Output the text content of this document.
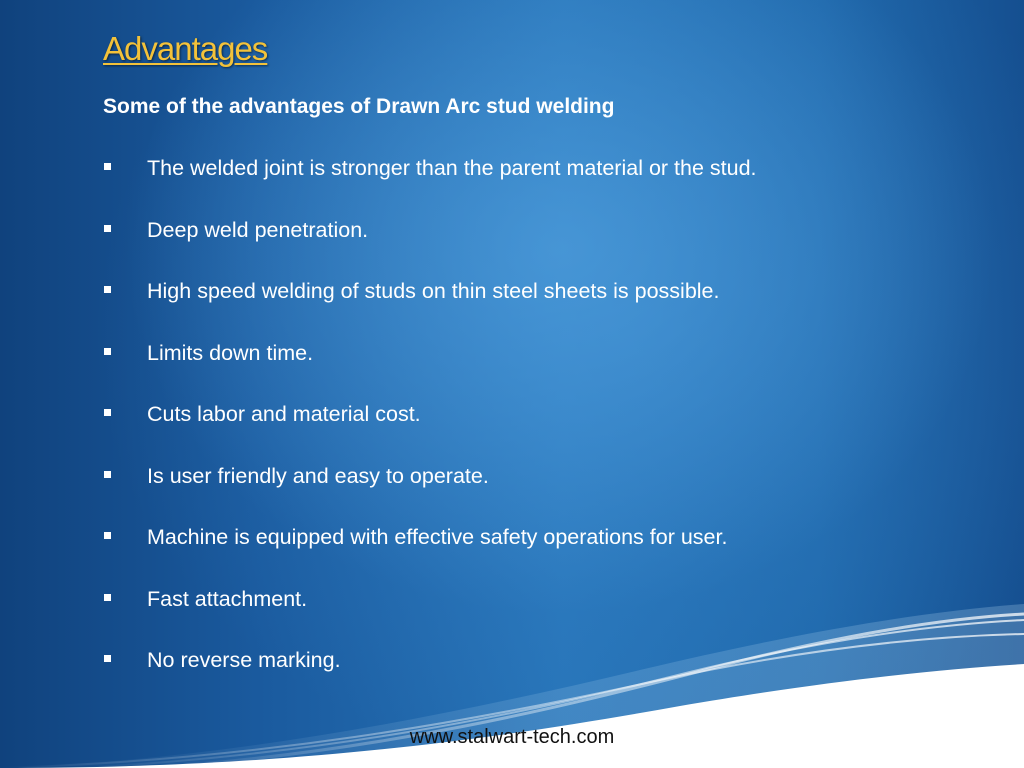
Advantages

Some of the advantages of Drawn Arc stud welding

The welded joint is stronger than the parent material or the stud.
Deep weld penetration.
High speed welding of studs on thin steel sheets is possible.
Limits down time.
Cuts labor and material cost.
Is user friendly and easy to operate.
Machine is equipped with effective safety operations for user.
Fast attachment.
No reverse marking.
www.stalwart-tech.com
